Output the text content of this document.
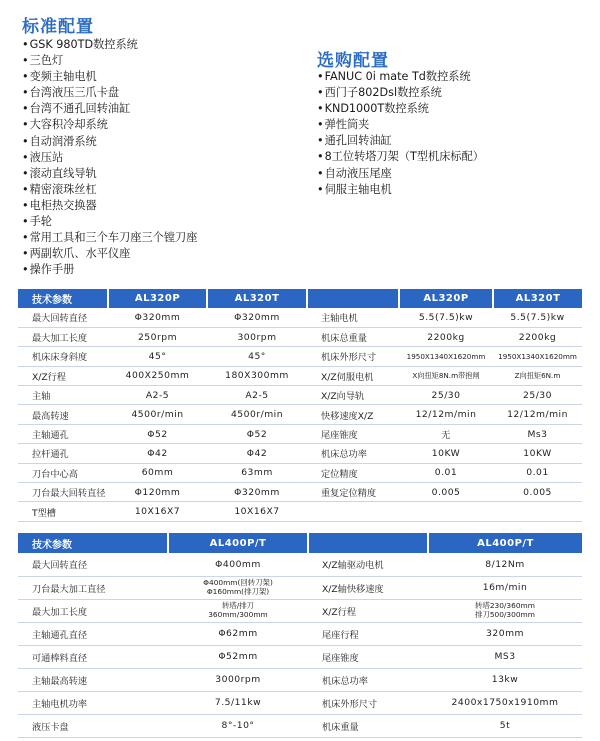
标准配置
• GSK 980TD数控系统
• 三色灯
• 变频主轴电机
• 台湾液压三爪卡盘
• 台湾不通孔回转油缸
• 大容积冷却系统
• 自动润滑系统
• 液压站
• 滚动直线导轨
• 精密滚珠丝杠
• 电柜热交换器
• 手轮
• 常用工具和三个车刀座三个镗刀座
• 两副软爪、水平仪座
• 操作手册
选购配置
• FANUC 0i mate Td数控系统
• 西门子802Dsl数控系统
• KND1000T数控系统
• 弹性筒夹
• 通孔回转油缸
• 8工位转塔刀架（T型机床标配）
• 自动液压尾座
• 伺服主轴电机
技术参数	AL320P	AL320T		AL320P	AL320T
最大回转直径	Φ320mm	Φ320mm	主轴电机	5.5(7.5)kw	5.5(7.5)kw
最大加工长度	250rpm	300rpm	机床总重量	2200kg	2200kg
机床床身斜度	45°	45°	机床外形尺寸	1950X1340X1620mm	1950X1340X1620mm
X/Z行程	400X250mm	180X300mm	X/Z伺服电机	X向扭矩8N.m带抱闸	Z向扭矩6N.m
主轴	A2-5	A2-5	X/Z向导轨	25/30	25/30
最高转速	4500r/min	4500r/min	快移速度X/Z	12/12m/min	12/12m/min
主轴通孔	Φ52	Φ52	尾座锥度	无	Ms3
拉杆通孔	Φ42	Φ42	机床总功率	10KW	10KW
刀台中心高	60mm	63mm	定位精度	0.01	0.01
刀台最大回转直径	Φ120mm	Φ320mm	重复定位精度	0.005	0.005
T型槽	10X16X7	10X16X7			
技术参数	AL400P/T		AL400P/T
最大回转直径	Φ400mm	X/Z轴驱动电机	8/12Nm
刀台最大加工直径	Φ400mm(回转刀架)
Φ160mm(排刀架)	X/Z轴快移速度	16m/min
最大加工长度	转塔/排刀
360mm/300mm	X/Z行程	转塔230/360mm
排刀500/300mm
主轴通孔直径	Φ62mm	尾座行程	320mm
可通棒料直径	Φ52mm	尾座锥度	MS3
主轴最高转速	3000rpm	机床总功率	13kw
主轴电机功率	7.5/11kw	机床外形尺寸	2400x1750x1910mm
液压卡盘	8°-10°	机床重量	5t
